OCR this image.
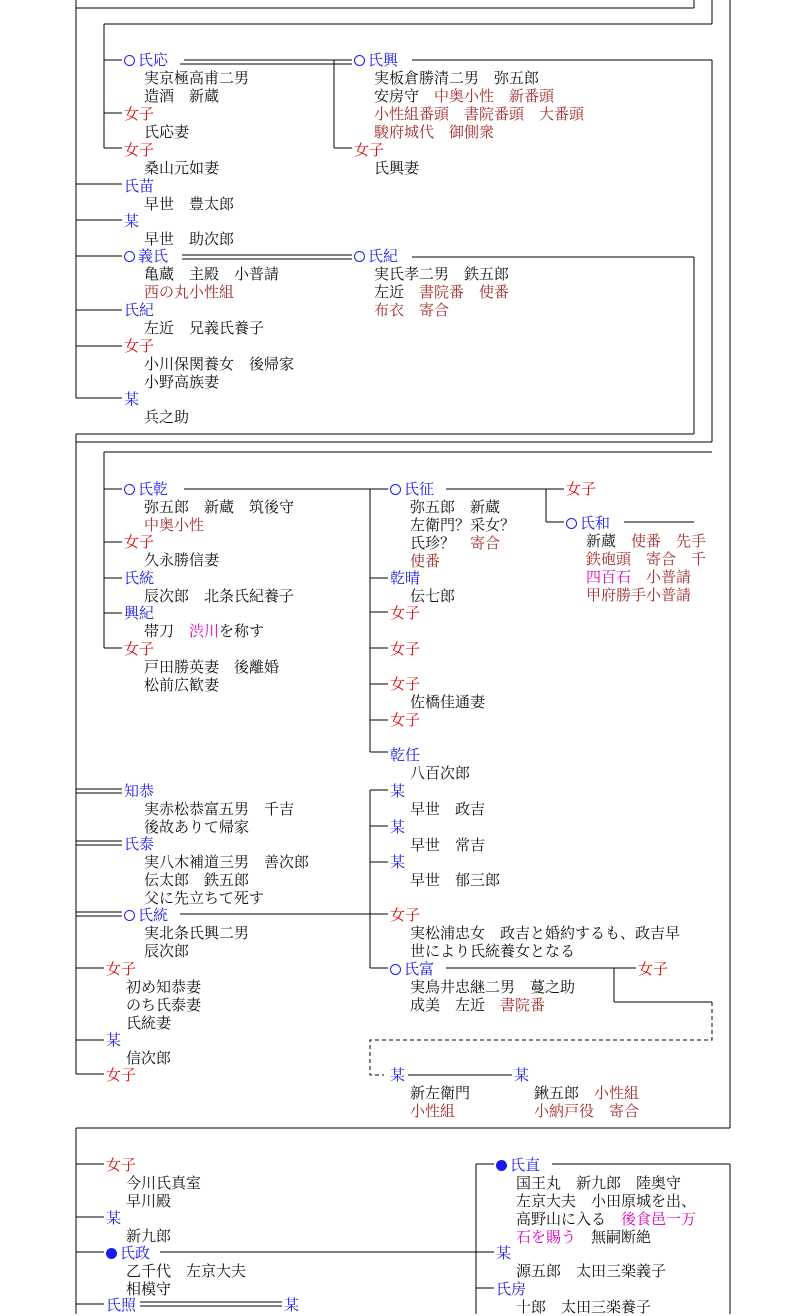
氏応
実京極高甫二男
造酒　新蔵
氏興
実板倉勝清二男　弥五郎
安房守　中奥小性　新番頭
小性組番頭　書院番頭　大番頭
駿府城代　御側衆
女子
氏応妻
女子
桑山元如妻
女子
氏興妻
氏苗
早世　豊太郎
某
早世　助次郎
義氏
亀蔵　主殿　小普請
西の丸小性組
氏紀
実氏孝二男　鉄五郎
左近　書院番　使番
布衣　寄合
氏紀
左近　兄義氏養子
女子
小川保関養女　後帰家
小野高族妻
某
兵之助
氏乾
弥五郎　新蔵　筑後守
中奥小性
氏征
弥五郎　新蔵
左衛門？采女？
氏珍？　寄合
使番
女子
氏和
新蔵　使番　先手
鉄砲頭　寄合　千
四百石　小普請
甲府勝手小普請
女子
久永勝信妻
氏統
辰次郎　北条氏紀養子
乾晴
伝七郎
興紀
帯刀　渋川を称す
女子
女子
戸田勝英妻　後離婚
松前広歓妻
女子
女子
佐橋佳通妻
女子
乾任
八百次郎
知恭
実赤松恭富五男　千吉
後故ありて帰家
某
早世　政吉
某
早世　常吉
氏泰
実八木補道三男　善次郎
伝太郎　鉄五郎
父に先立ちて死す
某
早世　郁三郎
氏統
実北条氏興二男
辰次郎
女子
実松浦忠女　政吉と婚約するも、政吉早
世により氏統養女となる
氏富
実鳥井忠継二男　蔓之助
成美　左近　書院番
女子
女子
初め知恭妻
のち氏泰妻
氏統妻
某
信次郎
女子	某
新左衛門
小性組
某
鍬五郎　小性組
小納戸役　寄合
女子
今川氏真室
早川殿
氏直
国王丸　新九郎　陸奥守
左京大夫　小田原城を出、
高野山に入る　後食邑一万
石を賜う　無嗣断絶
某
新九郎
氏政
乙千代　左京大夫
相模守
某
源五郎　太田三楽義子
氏房
十郎　太田三楽養子
氏照	某
